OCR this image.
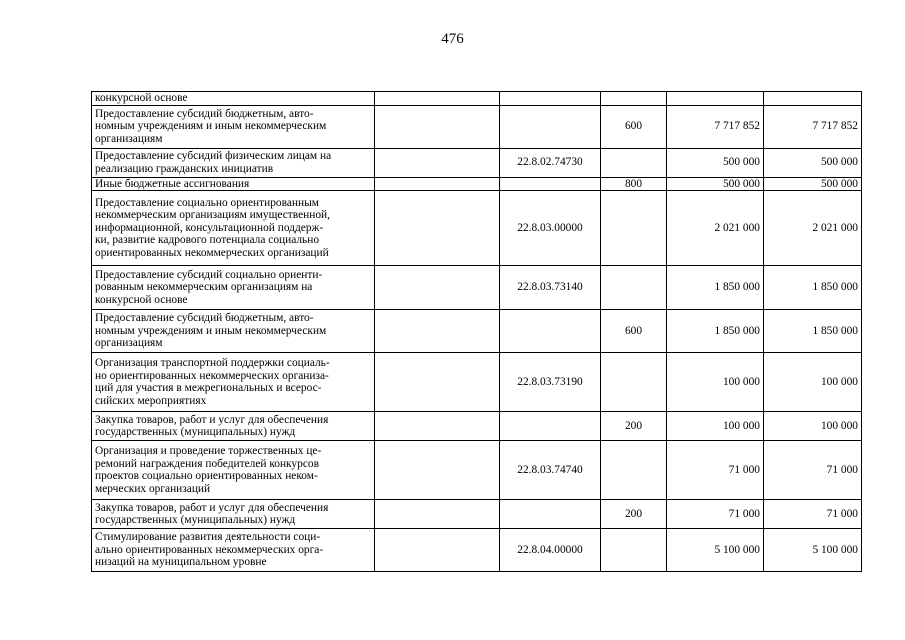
476
конкурсной основе					

Предоставление субсидий бюджетным, авто-
номным учреждениям и иным некоммерческим
организациям			600	7 717 852	7 717 852

Предоставление субсидий физическим лицам на
реализацию гражданских инициатив		22.8.02.74730		500 000	500 000

Иные бюджетные ассигнования			800	500 000	500 000

Предоставление социально ориентированным
некоммерческим организациям имущественной,
информационной, консультационной поддерж-
ки, развитие кадрового потенциала социально
ориентированных некоммерческих организаций		22.8.03.00000		2 021 000	2 021 000

Предоставление субсидий социально ориенти-
рованным некоммерческим организациям на
конкурсной основе		22.8.03.73140		1 850 000	1 850 000

Предоставление субсидий бюджетным, авто-
номным учреждениям и иным некоммерческим
организациям			600	1 850 000	1 850 000

Организация транспортной поддержки социаль-
но ориентированных некоммерческих организа-
ций для участия в межрегиональных и всерос-
сийских мероприятиях		22.8.03.73190		100 000	100 000

Закупка товаров, работ и услуг для обеспечения
государственных (муниципальных) нужд			200	100 000	100 000

Организация и проведение торжественных це-
ремоний награждения победителей конкурсов
проектов социально ориентированных неком-
мерческих организаций		22.8.03.74740		71 000	71 000

Закупка товаров, работ и услуг для обеспечения
государственных (муниципальных) нужд			200	71 000	71 000

Стимулирование развития деятельности соци-
ально ориентированных некоммерческих орга-
низаций на муниципальном уровне		22.8.04.00000		5 100 000	5 100 000
